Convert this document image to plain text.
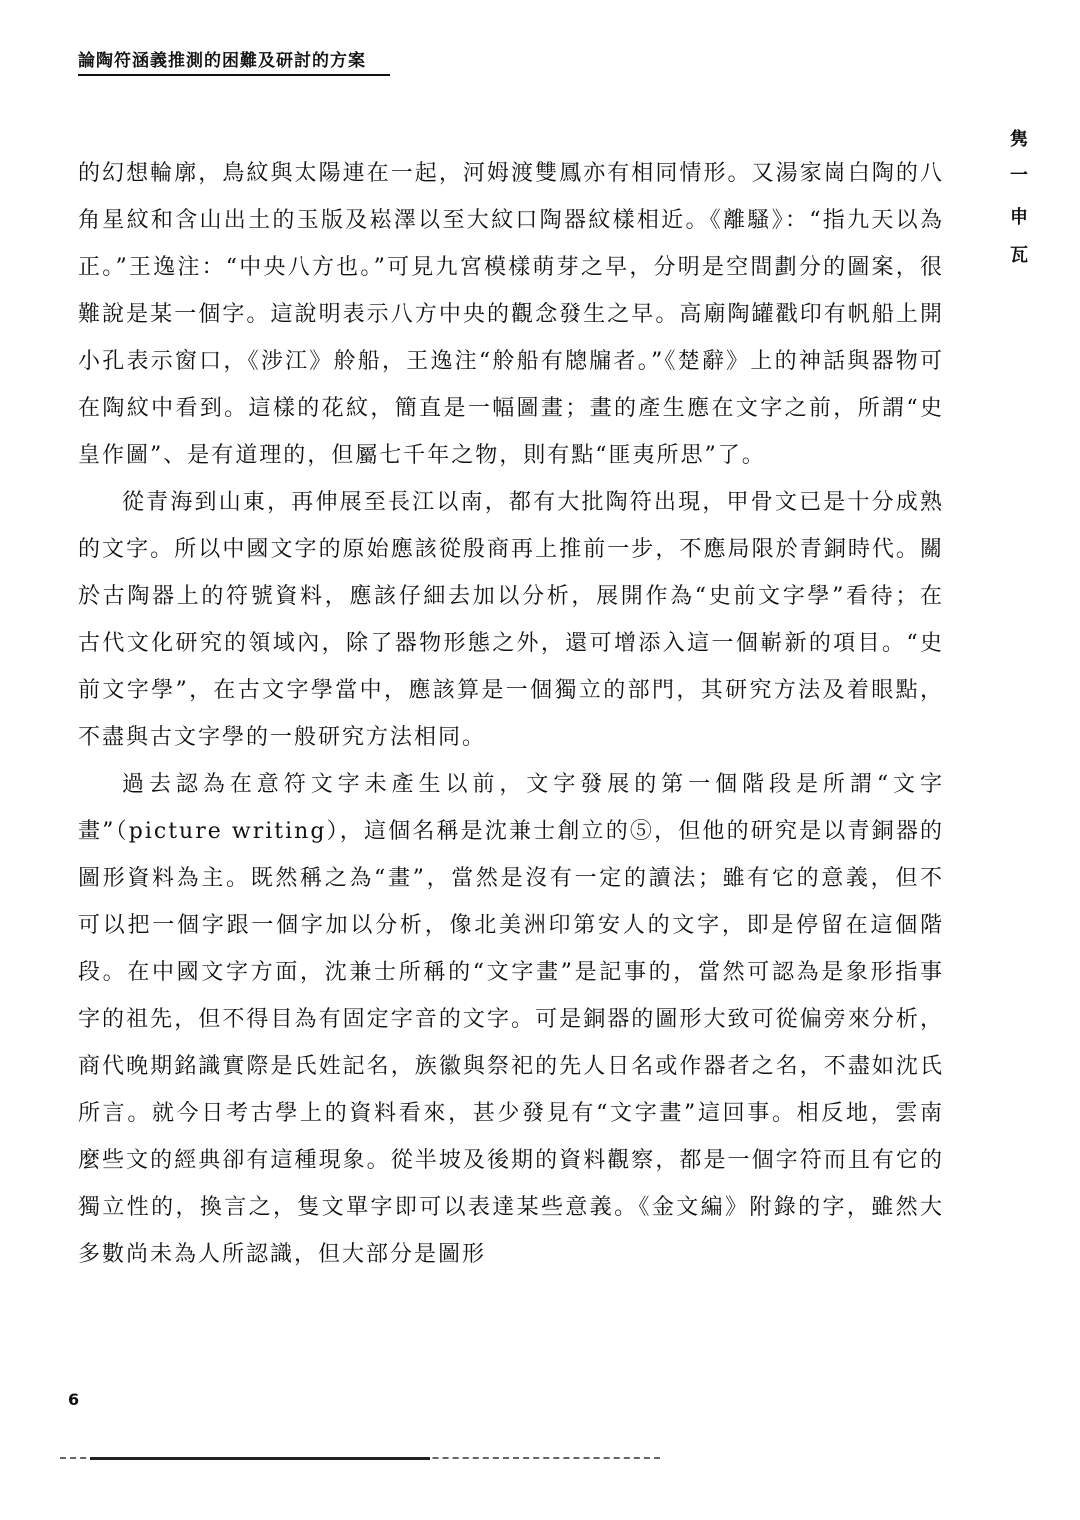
論陶符涵義推測的困難及研討的方案
隽
一
申
瓦

的幻想輪廓，鳥紋與太陽連在一起，河姆渡雙鳳亦有相同情形。又湯家崗白陶的八角星紋和含山出土的玉版及崧澤以至大紋口陶器紋樣相近。《離騷》：“指九天以為正。”王逸注：“中央八方也。”可見九宮模樣萌芽之早，分明是空間劃分的圖案，很難說是某一個字。這說明表示八方中央的觀念發生之早。高廟陶罐戳印有帆船上開小孔表示窗口，《涉江》舲船，王逸注“舲船有牕牖者。”《楚辭》上的神話與器物可在陶紋中看到。這樣的花紋，簡直是一幅圖畫；畫的產生應在文字之前，所謂“史皇作圖”、是有道理的，但屬七千年之物，則有點“匪夷所思”了。

從青海到山東，再伸展至長江以南，都有大批陶符出現，甲骨文已是十分成熟的文字。所以中國文字的原始應該從殷商再上推前一步，不應局限於青銅時代。關於古陶器上的符號資料，應該仔細去加以分析，展開作為“史前文字學”看待；在古代文化研究的領域內，除了器物形態之外，還可增添入這一個嶄新的項目。“史前文字學”，在古文字學當中，應該算是一個獨立的部門，其研究方法及着眼點，不盡與古文字學的一般研究方法相同。

過去認為在意符文字未產生以前，文字發展的第一個階段是所謂“文字畫”（picture writing），這個名稱是沈兼士創立的⑤，但他的研究是以青銅器的圖形資料為主。既然稱之為“畫”，當然是沒有一定的讀法；雖有它的意義，但不可以把一個字跟一個字加以分析，像北美洲印第安人的文字，即是停留在這個階段。在中國文字方面，沈兼士所稱的“文字畫”是記事的，當然可認為是象形指事字的祖先，但不得目為有固定字音的文字。可是銅器的圖形大致可從偏旁來分析，商代晚期銘識實際是氏姓記名，族徽與祭祀的先人日名或作器者之名，不盡如沈氏所言。就今日考古學上的資料看來，甚少發見有“文字畫”這回事。相反地，雲南麼些文的經典卻有這種現象。從半坡及後期的資料觀察，都是一個字符而且有它的獨立性的，換言之，隻文單字即可以表達某些意義。《金文編》附錄的字，雖然大多數尚未為人所認識，但大部分是圖形

6
